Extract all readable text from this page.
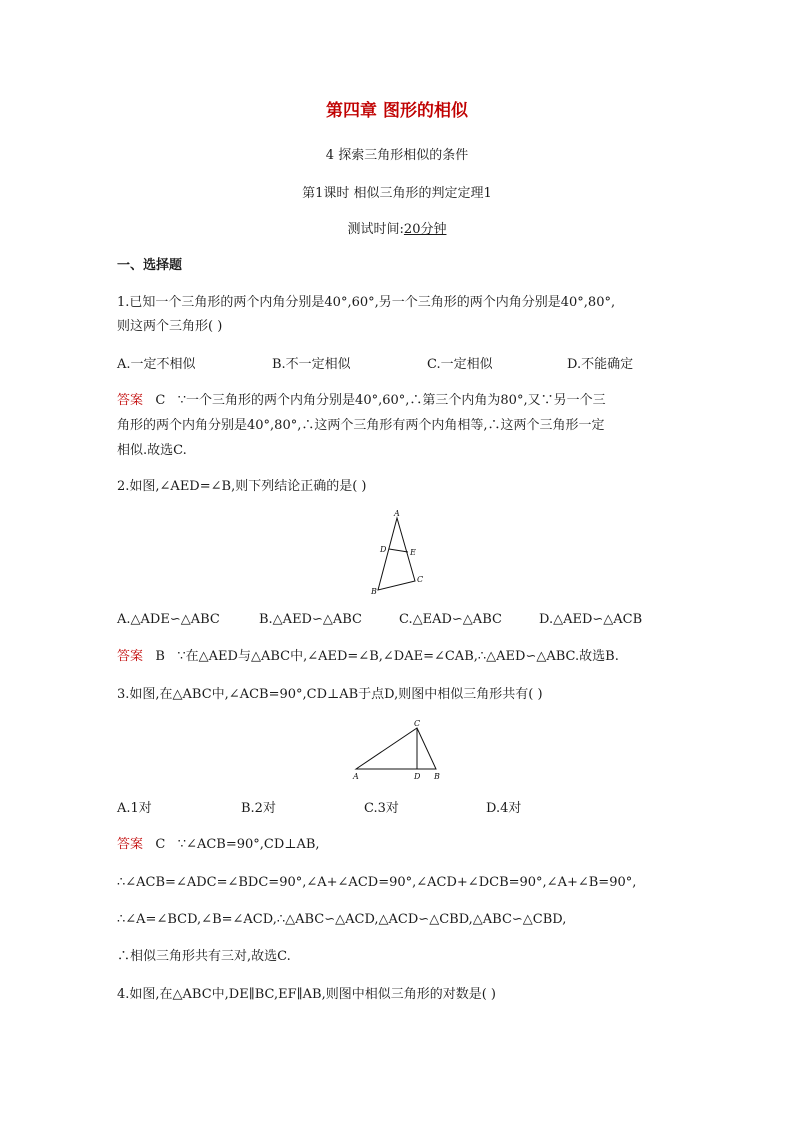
第四章 图形的相似
4 探索三角形相似的条件
第1课时 相似三角形的判定定理1
测试时间:20分钟
一、选择题
1.已知一个三角形的两个内角分别是40°,60°,另一个三角形的两个内角分别是40°,80°,
则这两个三角形( )
A.一定不相似	B.不一定相似	C.一定相似	D.不能确定
答案 C ∵一个三角形的两个内角分别是40°,60°,∴第三个内角为80°,又∵另一个三
角形的两个内角分别是40°,80°,∴这两个三角形有两个内角相等,∴这两个三角形一定
相似.故选C.
2.如图,∠AED=∠B,则下列结论正确的是( )
A
D	E
B
C
A.△ADE∽△ABC	B.△AED∽△ABC	C.△EAD∽△ABC	D.△AED∽△ACB
答案 B ∵在△AED与△ABC中,∠AED=∠B,∠DAE=∠CAB,∴△AED∽△ABC.故选B.
3.如图,在△ABC中,∠ACB=90°,CD⊥AB于点D,则图中相似三角形共有( )
C
A	D B
A.1对	B.2对	C.3对	D.4对
答案 C ∵∠ACB=90°,CD⊥AB,
∴∠ACB=∠ADC=∠BDC=90°,∠A+∠ACD=90°,∠ACD+∠DCB=90°,∠A+∠B=90°,
∴∠A=∠BCD,∠B=∠ACD,∴△ABC∽△ACD,△ACD∽△CBD,△ABC∽△CBD,
∴相似三角形共有三对,故选C.
4.如图,在△ABC中,DE∥BC,EF∥AB,则图中相似三角形的对数是( )
